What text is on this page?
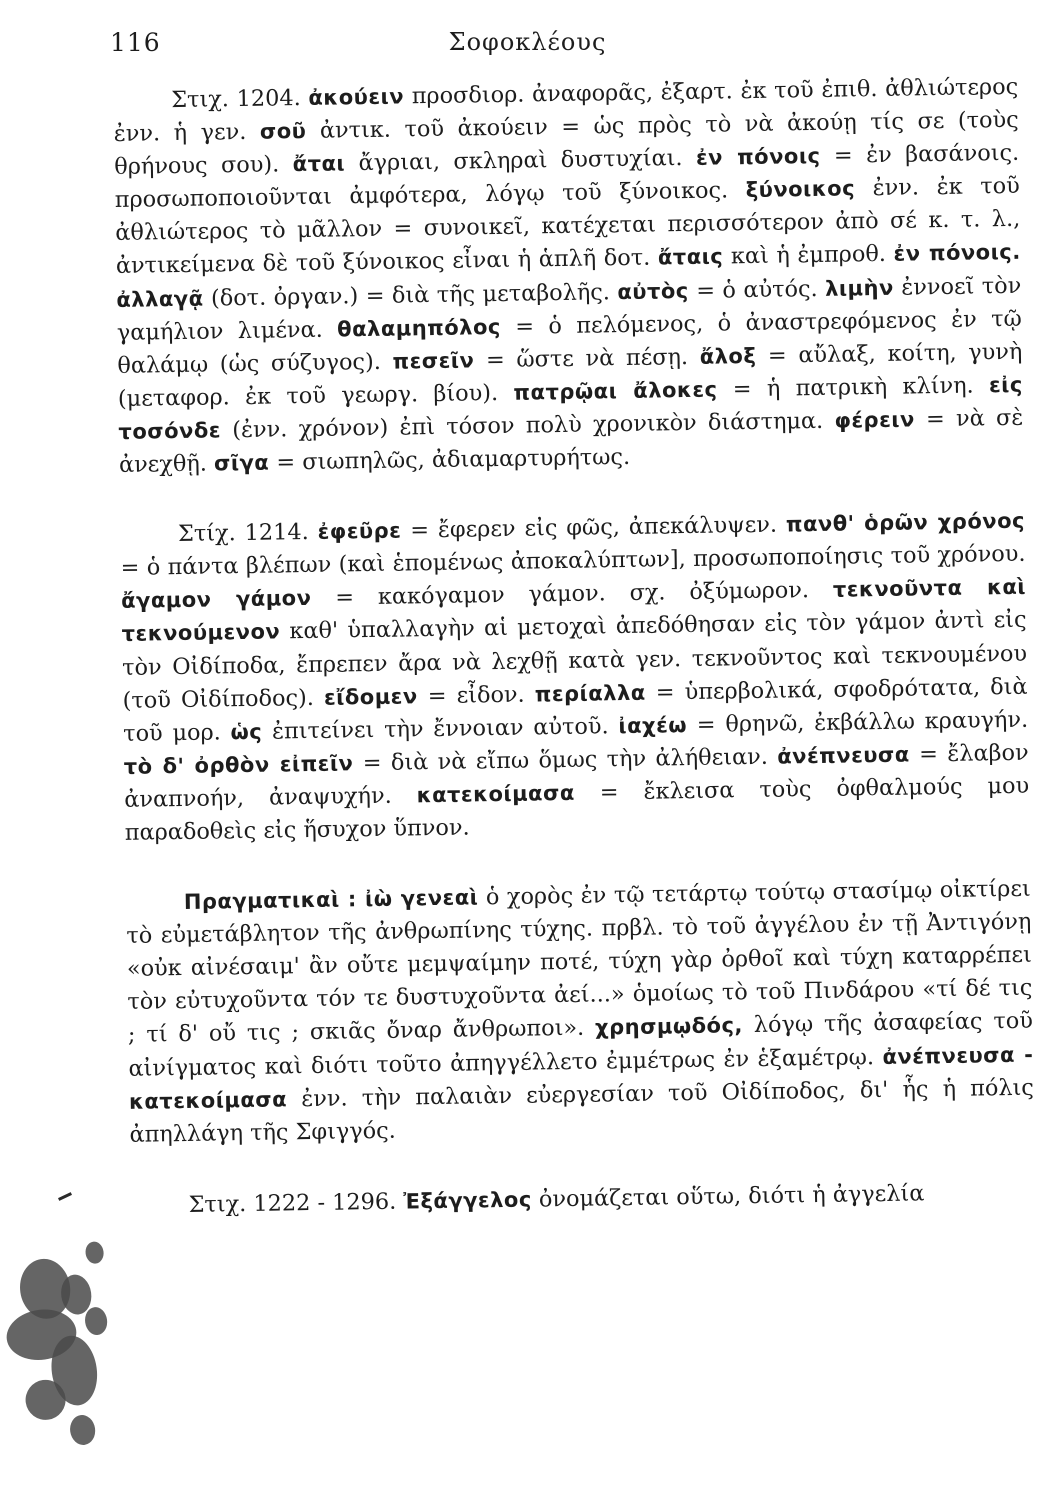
116	Σοφοκλέους

Στιχ. 1204. ἀκούειν προσδιορ. ἀναφορᾶς, ἐξαρτ. ἐκ τοῦ ἐπιθ. ἀθλιώτερος ἐνν. ἡ γεν. σοῦ ἀντικ. τοῦ ἀκούειν = ὡς πρὸς τὸ νὰ ἀκούῃ τίς σε (τοὺς θρήνους σου). ἄται ἄγριαι, σκληραὶ δυστυχίαι. ἐν πόνοις = ἐν βασάνοις. προσωποποιοῦνται ἀμφότερα, λόγῳ τοῦ ξύνοικος. ξύνοικος ἐνν. ἐκ τοῦ ἀθλιώτερος τὸ μᾶλλον = συνοικεῖ, κατέχεται περισσότερον ἀπὸ σέ κ. τ. λ., ἀντικείμενα δὲ τοῦ ξύνοικος εἶναι ἡ ἁπλῆ δοτ. ἄταις καὶ ἡ ἐμπροθ. ἐν πόνοις. ἀλλαγᾷ (δοτ. ὀργαν.) = διὰ τῆς μεταβολῆς. αὐτὸς = ὁ αὐτός. λιμὴν ἐννοεῖ τὸν γαμήλιον λιμένα. θαλαμηπόλος = ὁ πελόμενος, ὁ ἀναστρεφόμενος ἐν τῷ θαλάμῳ (ὡς σύζυγος). πεσεῖν = ὥστε νὰ πέσῃ. ἄλοξ = αὔλαξ, κοίτη, γυνὴ (μεταφορ. ἐκ τοῦ γεωργ. βίου). πατρῷαι ἄλοκες = ἡ πατρικὴ κλίνη. εἰς τοσόνδε (ἐνν. χρόνον) ἐπὶ τόσον πολὺ χρονικὸν διάστημα. φέρειν = νὰ σὲ ἀνεχθῇ. σῖγα = σιωπηλῶς, ἀδιαμαρτυρήτως.

Στίχ. 1214. ἐφεῦρε = ἔφερεν εἰς φῶς, ἀπεκάλυψεν. πανθ' ὁρῶν χρόνος = ὁ πάντα βλέπων (καὶ ἑπομένως ἀποκαλύπτων], προσωποποίησις τοῦ χρόνου. ἄγαμον γάμον = κακόγαμον γάμον. σχ. ὀξύμωρον. τεκνοῦντα καὶ τεκνούμενον καθ' ὑπαλλαγὴν αἱ μετοχαὶ ἀπεδόθησαν εἰς τὸν γάμον ἀντὶ εἰς τὸν Οἰδίποδα, ἔπρεπεν ἄρα νὰ λεχθῇ κατὰ γεν. τεκνοῦντος καὶ τεκνουμένου (τοῦ Οἰδίποδος). εἴδομεν = εἶδον. περίαλλα = ὑπερβολικά, σφοδρότατα, διὰ τοῦ μορ. ὡς ἐπιτείνει τὴν ἔννοιαν αὐτοῦ. ἰαχέω = θρηνῶ, ἐκβάλλω κραυγήν. τὸ δ' ὀρθὸν εἰπεῖν = διὰ νὰ εἴπω ὅμως τὴν ἀλήθειαν. ἀνέπνευσα = ἔλαβον ἀναπνοήν, ἀναψυχήν. κατεκοίμασα = ἔκλεισα τοὺς ὀφθαλμούς μου παραδοθεὶς εἰς ἥσυχον ὕπνον.

Πραγματικαὶ : ἰὼ γενεαὶ ὁ χορὸς ἐν τῷ τετάρτῳ τούτῳ στασίμῳ οἰκτίρει τὸ εὐμετάβλητον τῆς ἀνθρωπίνης τύχης. πρβλ. τὸ τοῦ ἀγγέλου ἐν τῇ Ἀντιγόνῃ «οὐκ αἰνέσαιμ' ἂν οὔτε μεμψαίμην ποτέ, τύχη γὰρ ὀρθοῖ καὶ τύχη καταρρέπει τὸν εὐτυχοῦντα τόν τε δυστυχοῦντα ἀεί...» ὁμοίως τὸ τοῦ Πινδάρου «τί δέ τις ; τί δ' οὔ τις ; σκιᾶς ὄναρ ἄνθρωποι». χρησμῳδός, λόγῳ τῆς ἀσαφείας τοῦ αἰνίγματος καὶ διότι τοῦτο ἀπηγγέλλετο ἐμμέτρως ἐν ἑξαμέτρῳ. ἀνέπνευσα - κατεκοίμασα ἐνν. τὴν παλαιὰν εὐεργεσίαν τοῦ Οἰδίποδος, δι' ἧς ἡ πόλις ἀπηλλάγη τῆς Σφιγγός.

Στιχ. 1222 - 1296. Ἐξάγγελος ὀνομάζεται οὕτω, διότι ἡ ἀγγελία
